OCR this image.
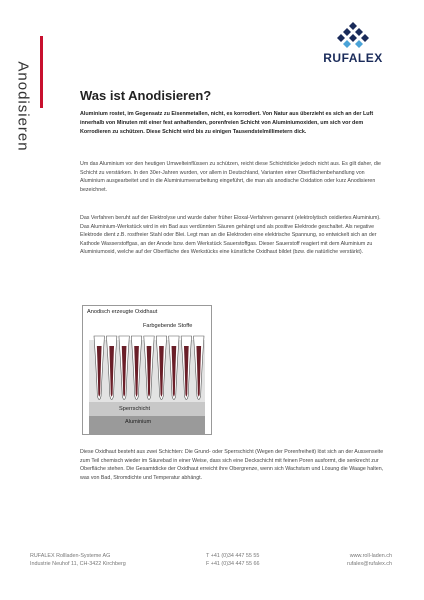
Anodisieren
RUFALEX
Was ist Anodisieren?
Aluminium rostet, im Gegensatz zu Eisenmetallen, nicht, es korrodiert. Von Natur aus überzieht es sich an der Luft innerhalb von Minuten mit einer fest anhaftenden, porenfreien Schicht von Aluminiumoxiden, um sich vor dem Korrodieren zu schützen. Diese Schicht wird bis zu einigen Tausendstelmillimetern dick.
Um das Aluminium vor den heutigen Umwelteinflüssen zu schützen, reicht diese Schichtdicke jedoch nicht aus. Es gilt daher, die Schicht zu verstärken. In den 30er-Jahren wurden, vor allem in Deutschland, Varianten einer Oberflächenbehandlung von Aluminium ausgearbeitet und in die Aluminiumverarbeitung eingeführt, die man als anodische Oxidation oder kurz Anodisieren bezeichnet.
Das Verfahren beruht auf der Elektrolyse und wurde daher früher Eloxal-Verfahren genannt (elektrolytisch oxidiertes Aluminium). Das Aluminium-Werkstück wird in ein Bad aus verdünnten Säuren gehängt und als positive Elektrode geschaltet. Als negative Elektrode dient z.B. rostfreier Stahl oder Blei. Legt man an die Elektroden eine elektrische Spannung, so entwickelt sich an der Kathode Wasserstoffgas, an der Anode bzw. dem Werkstück Sauerstoffgas. Dieser Sauerstoff reagiert mit dem Aluminium zu Aluminiumoxid, welche auf der Oberfläche des Werkstücks eine künstliche Oxidhaut bildet (bzw. die natürliche verstärkt).
Anodisch erzeugte Oxidhaut
Farbgebende Stoffe
Sperrschicht
Aluminium
Diese Oxidhaut besteht aus zwei Schichten: Die Grund- oder Sperrschicht (Wegen der Porenfreiheit) löst sich an der Aussenseite zum Teil chemisch wieder im Säurebad in einer Weise, dass sich eine Deckschicht mit feinen Poren ausformt, die senkrecht zur Oberfläche stehen. Die Gesamtdicke der Oxidhaut erreicht ihre Obergrenze, wenn sich Wachstum und Lösung die Waage halten, was von Bad, Stromdichte und Temperatur abhängt.
RUFALEX Rollladen-Systeme AG
Industrie Neuhof 11, CH-3422 Kirchberg
T +41 (0)34 447 55 55
F +41 (0)34 447 55 66
www.roll-laden.ch
rufalex@rufalex.ch
